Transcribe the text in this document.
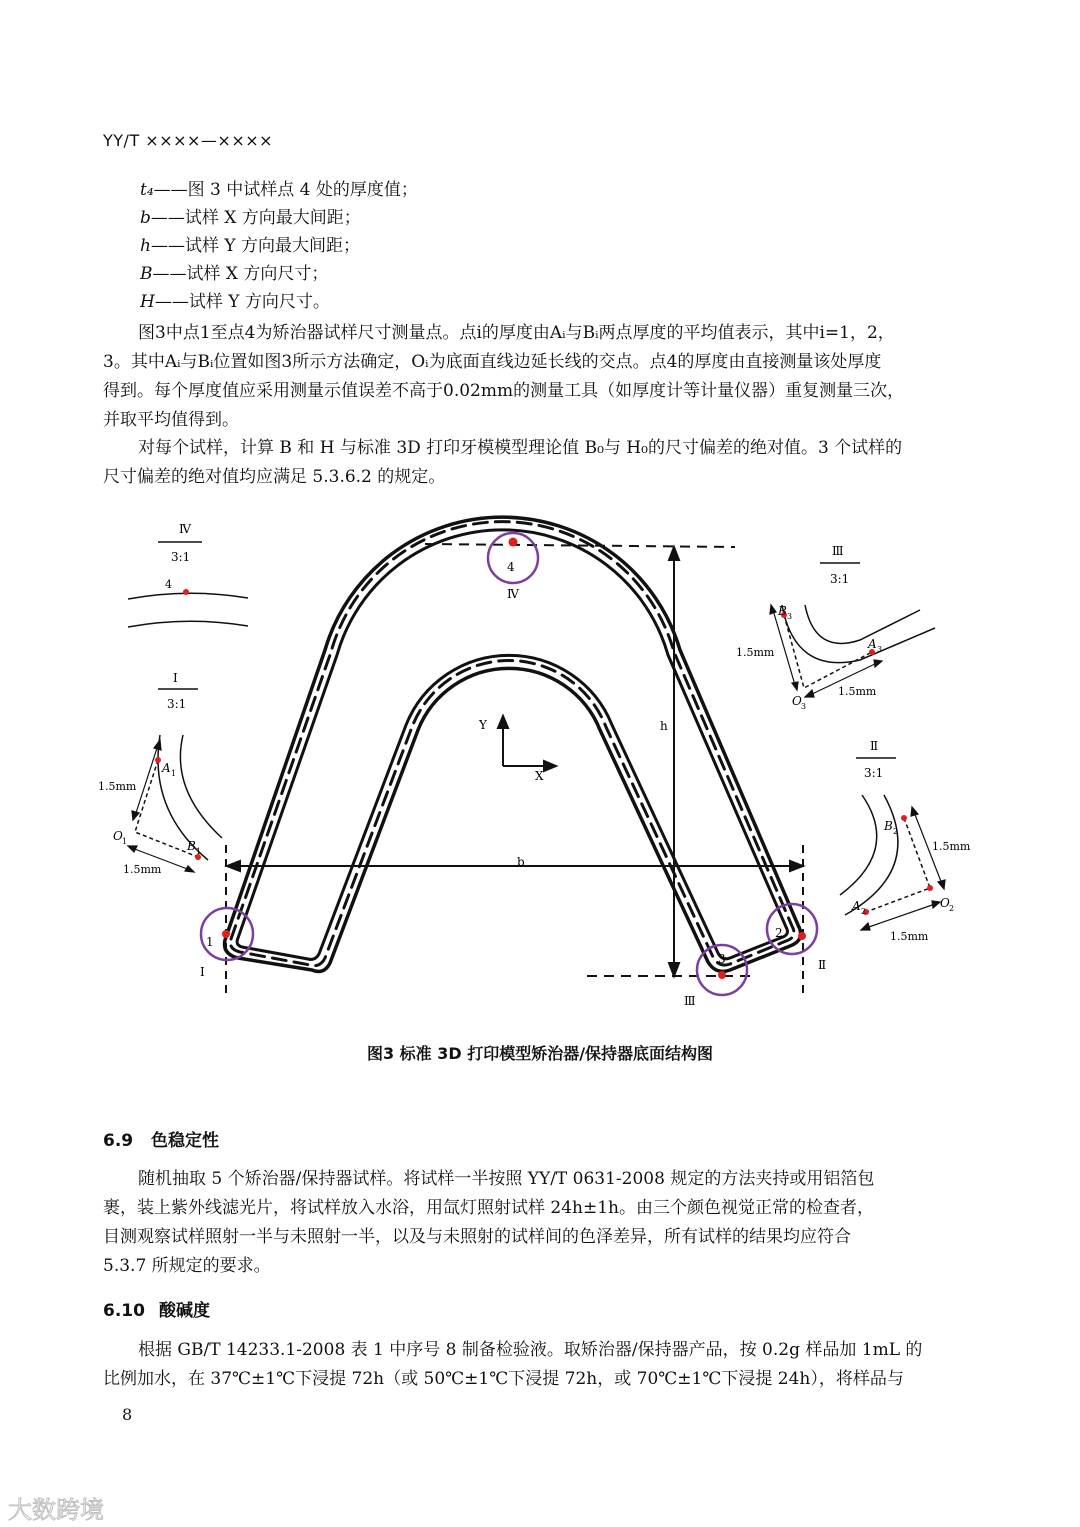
YY/T ××××—××××
t₄——图 3 中试样点 4 处的厚度值；
b——试样 X 方向最大间距；
h——试样 Y 方向最大间距；
B——试样 X 方向尺寸；
H——试样 Y 方向尺寸。
图3中点1至点4为矫治器试样尺寸测量点。点i的厚度由Aᵢ与Bᵢ两点厚度的平均值表示，其中i=1，2，
3。其中Aᵢ与Bᵢ位置如图3所示方法确定，Oᵢ为底面直线边延长线的交点。点4的厚度由直接测量该处厚度
得到。每个厚度值应采用测量示值误差不高于0.02mm的测量工具（如厚度计等计量仪器）重复测量三次，
并取平均值得到。
对每个试样，计算 B 和 H 与标准 3D 打印牙模模型理论值 B₀与 H₀的尺寸偏差的绝对值。3 个试样的
尺寸偏差的绝对值均应满足 5.3.6.2 的规定。
h
b
Y
X
4
1
2
3
Ⅳ
Ⅰ	Ⅱ
Ⅲ
Ⅳ
3:1
4
Ⅰ
3:1
A 1
B 1
O 1
1.5mm
1.5mm
Ⅲ
3:1
B 3
A 3
O 3
1.5mm
1.5mm
Ⅱ
3:1
B 2
A 2
O 2
1.5mm
1.5mm
图3 标准 3D 打印模型矫治器/保持器底面结构图
6.9 色稳定性
随机抽取 5 个矫治器/保持器试样。将试样一半按照 YY/T 0631-2008 规定的方法夹持或用铝箔包
裹，装上紫外线滤光片，将试样放入水浴，用氙灯照射试样 24h±1h。由三个颜色视觉正常的检查者，
目测观察试样照射一半与未照射一半，以及与未照射的试样间的色泽差异，所有试样的结果均应符合
5.3.7 所规定的要求。
6.10 酸碱度
根据 GB/T 14233.1-2008 表 1 中序号 8 制备检验液。取矫治器/保持器产品，按 0.2g 样品加 1mL 的
比例加水，在 37℃±1℃下浸提 72h（或 50℃±1℃下浸提 72h，或 70℃±1℃下浸提 24h），将样品与
8
大数跨境
